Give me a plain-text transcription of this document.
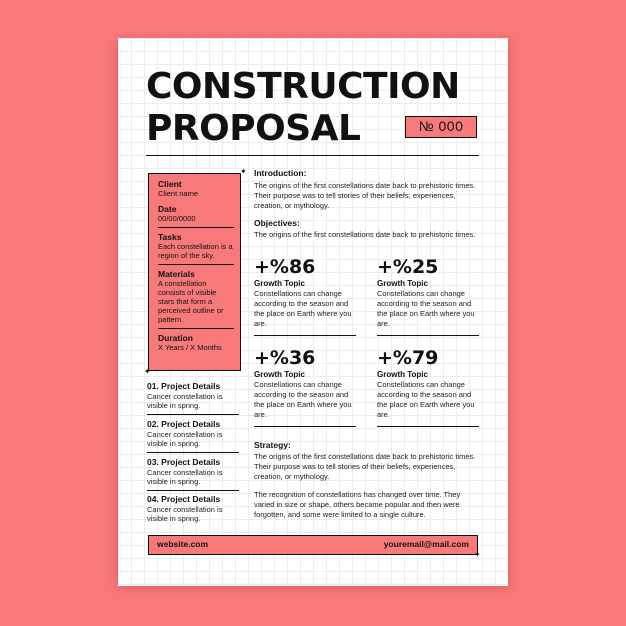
CONSTRUCTION
PROPOSAL	№ 000
Client
Client name
Date
00/00/0000
Tasks
Each constellation is a region of the sky.
Materials
A constellation consists of visible stars that form a perceived outline or pattern.
Duration
X Years / X Months
✦
✦
01. Project Details
Cancer constellation is visible in spring.
02. Project Details
Cancer constellation is visible in spring.
03. Project Details
Cancer constellation is visible in spring.
04. Project Details
Cancer constellation is visible in spring.
Introduction:

The origins of the first constellations date back to prehistoric times. Their purpose was to tell stories of their beliefs, experiences, creation, or mythology.

Objectives:

The origins of the first constellations date back to prehistoric times.

+%86
Growth Topic
Constellations can change according to the season and the place on Earth where you are.
+%25
Growth Topic
Constellations can change according to the season and the place on Earth where you are.
+%36
Growth Topic
Constellations can change according to the season and the place on Earth where you are.
+%79
Growth Topic
Constellations can change according to the season and the place on Earth where you are.
Strategy:

The origins of the first constellations date back to prehistoric times. Their purpose was to tell stories of their beliefs, experiences, creation, or mythology.

The recognition of constellations has changed over time. They varied in size or shape, others became popular and then were forgotten, and some were limited to a single culture.

website.com	youremail@mail.com
✦
